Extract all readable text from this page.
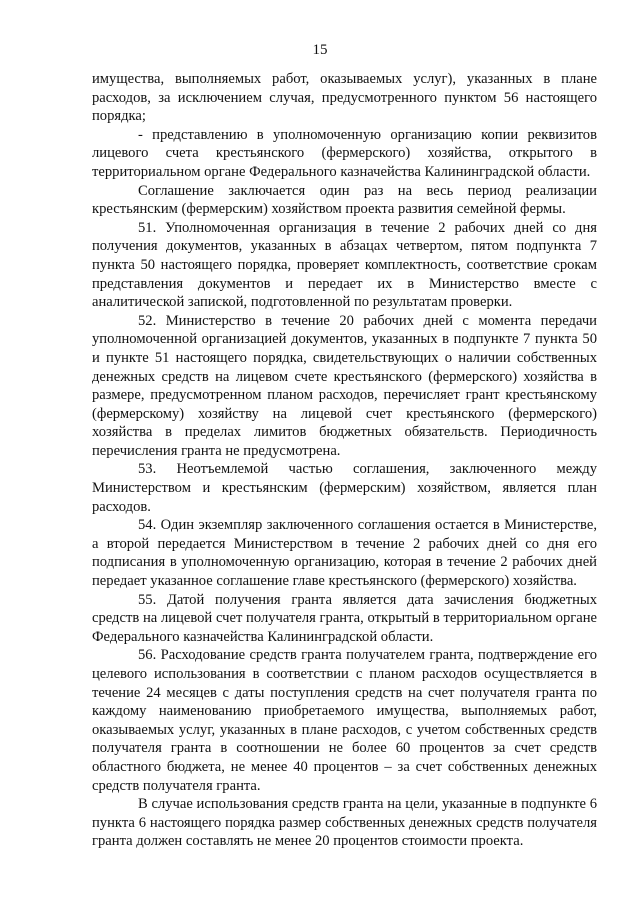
15

имущества, выполняемых работ, оказываемых услуг), указанных в плане расходов, за исключением случая, предусмотренного пунктом 56 настоящего порядка;

- представлению в уполномоченную организацию копии реквизитов лицевого счета крестьянского (фермерского) хозяйства, открытого в территориальном органе Федерального казначейства Калининградской области.

Соглашение заключается один раз на весь период реализации крестьянским (фермерским) хозяйством проекта развития семейной фермы.

51. Уполномоченная организация в течение 2 рабочих дней со дня получения документов, указанных в абзацах четвертом, пятом подпункта 7 пункта 50 настоящего порядка, проверяет комплектность, соответствие срокам представления документов и передает их в Министерство вместе с аналитической запиской, подготовленной по результатам проверки.

52. Министерство в течение 20 рабочих дней с момента передачи уполномоченной организацией документов, указанных в подпункте 7 пункта 50 и пункте 51 настоящего порядка, свидетельствующих о наличии собственных денежных средств на лицевом счете крестьянского (фермерского) хозяйства в размере, предусмотренном планом расходов, перечисляет грант крестьянскому (фермерскому) хозяйству на лицевой счет крестьянского (фермерского) хозяйства в пределах лимитов бюджетных обязательств. Периодичность перечисления гранта не предусмотрена.

53. Неотъемлемой частью соглашения, заключенного между Министерством и крестьянским (фермерским) хозяйством, является план расходов.

54. Один экземпляр заключенного соглашения остается в Министерстве, а второй передается Министерством в течение 2 рабочих дней со дня его подписания в уполномоченную организацию, которая в течение 2 рабочих дней передает указанное соглашение главе крестьянского (фермерского) хозяйства.

55. Датой получения гранта является дата зачисления бюджетных средств на лицевой счет получателя гранта, открытый в территориальном органе Федерального казначейства Калининградской области.

56. Расходование средств гранта получателем гранта, подтверждение его целевого использования в соответствии с планом расходов осуществляется в течение 24 месяцев с даты поступления средств на счет получателя гранта по каждому наименованию приобретаемого имущества, выполняемых работ, оказываемых услуг, указанных в плане расходов, с учетом собственных средств получателя гранта в соотношении не более 60 процентов за счет средств областного бюджета, не менее 40 процентов – за счет собственных денежных средств получателя гранта.

В случае использования средств гранта на цели, указанные в подпункте 6 пункта 6 настоящего порядка размер собственных денежных средств получателя гранта должен составлять не менее 20 процентов стоимости проекта.
